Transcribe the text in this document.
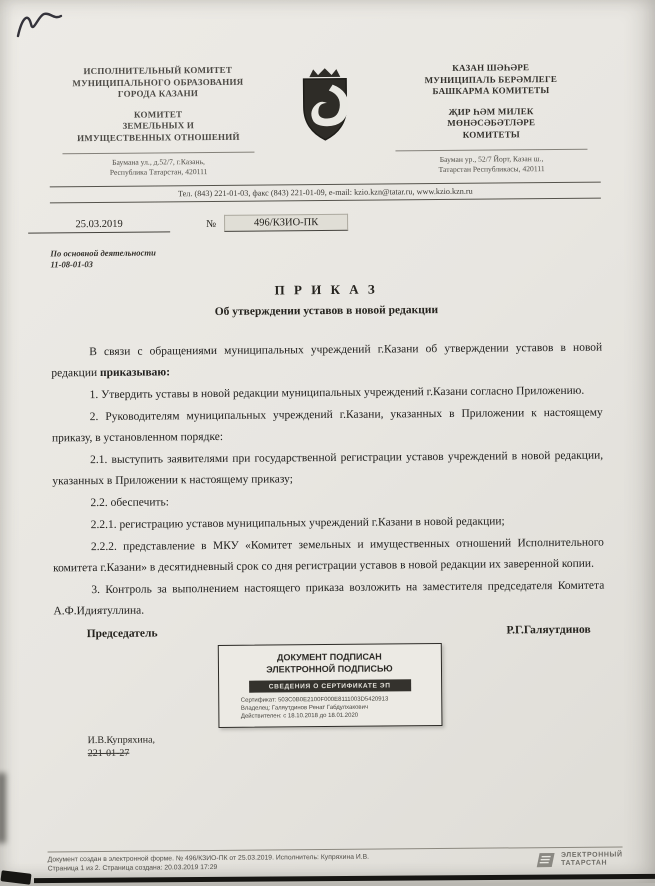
ИСПОЛНИТЕЛЬНЫЙ КОМИТЕТ
МУНИЦИПАЛЬНОГО ОБРАЗОВАНИЯ
ГОРОДА КАЗАНИ
КОМИТЕТ
ЗЕМЕЛЬНЫХ И
ИМУЩЕСТВЕННЫХ ОТНОШЕНИЙ
Баумана ул., д.52/7, г.Казань,
Республика Татарстан, 420111
КАЗАН ШӘҺӘРЕ
МУНИЦИПАЛЬ БЕРӘМЛЕГЕ
БАШКАРМА КОМИТЕТЫ
ҖИР ҺӘМ МИЛЕК
МӨНӘСӘБӘТЛӘРЕ
КОМИТЕТЫ
Бауман ур., 52/7 Йорт, Казан ш.,
Татарстан Республикасы, 420111
Тел. (843) 221-01-03, факс (843) 221-01-09, e-mail: kzio.kzn@tatar.ru, www.kzio.kzn.ru
25.03.2019	№	496/КЗИО-ПК
По основной деятельности
11-08-01-03
П Р И К А З
Об утверждении уставов в новой редакции

В связи с обращениями муниципальных учреждений г.Казани об утверждении уставов в новой редакции приказываю:

1. Утвердить уставы в новой редакции муниципальных учреждений г.Казани согласно Приложению.

2. Руководителям муниципальных учреждений г.Казани, указанных в Приложении к настоящему приказу, в установленном порядке:

2.1. выступить заявителями при государственной регистрации уставов учреждений в новой редакции, указанных в Приложении к настоящему приказу;

2.2. обеспечить:

2.2.1. регистрацию уставов муниципальных учреждений г.Казани в новой редакции;

2.2.2. представление в МКУ «Комитет земельных и имущественных отношений Исполнительного комитета г.Казани» в десятидневный срок со дня регистрации уставов в новой редакции их заверенной копии.

3. Контроль за выполнением настоящего приказа возложить на заместителя председателя Комитета А.Ф.Идиятуллина.

Председатель	Р.Г.Галяутдинов
ДОКУМЕНТ ПОДПИСАН
ЭЛЕКТРОННОЙ ПОДПИСЬЮ
СВЕДЕНИЯ О СЕРТИФИКАТЕ ЭП
Сертификат: 503C0B0E2100F000E8111003D5420913
Владелец: Галяутдинов Ренат Габдулхакович
Действителен: с 18.10.2018 до 18.01.2020
И.В.Купряхина,
221-01-27
Документ создан в электронной форме. № 496/КЗИО-ПК от 25.03.2019. Исполнитель: Купряхина И.В.
Страница 1 из 2. Страница создана: 20.03.2019 17:29
ЭЛЕКТРОННЫЙ
ТАТАРСТАН
